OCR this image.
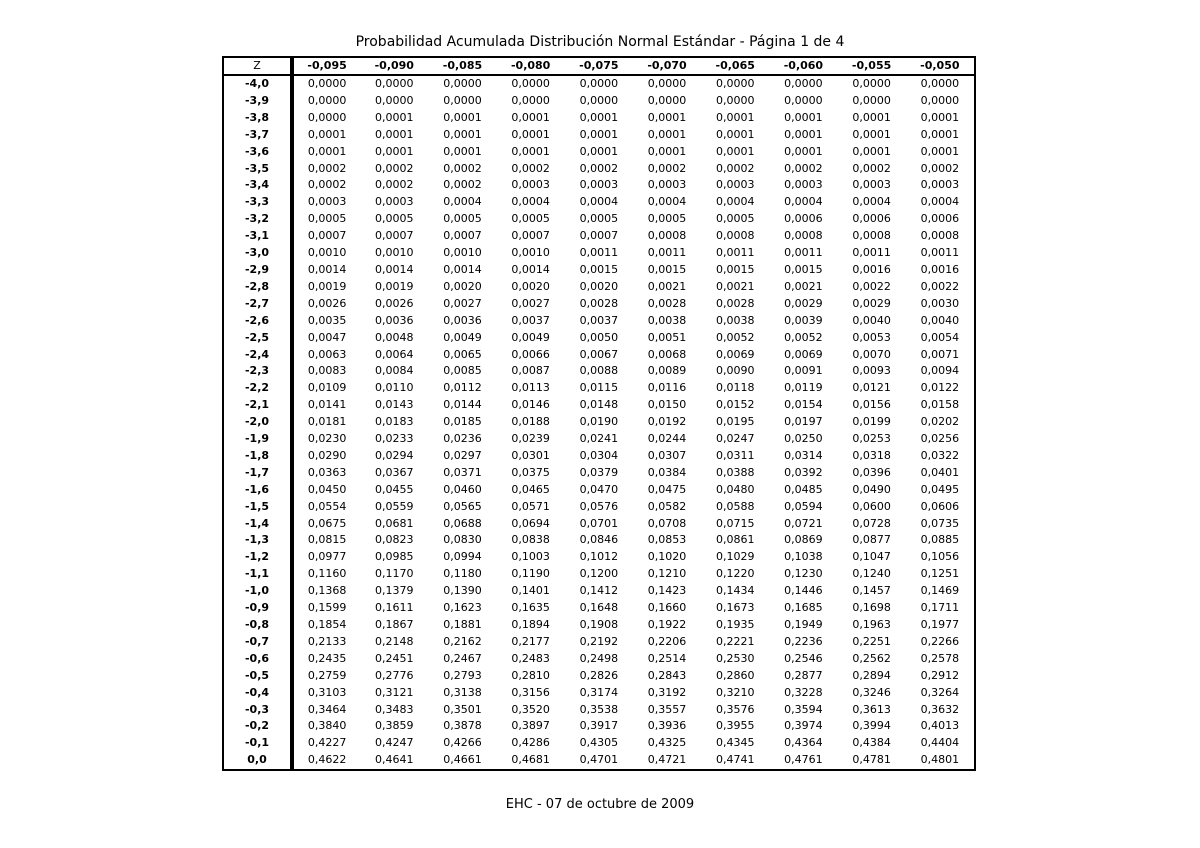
Probabilidad Acumulada Distribución Normal Estándar - Página 1 de 4
Z	-0,095	-0,090	-0,085	-0,080	-0,075	-0,070	-0,065	-0,060	-0,055	-0,050
-4,0	0,0000	0,0000	0,0000	0,0000	0,0000	0,0000	0,0000	0,0000	0,0000	0,0000
-3,9	0,0000	0,0000	0,0000	0,0000	0,0000	0,0000	0,0000	0,0000	0,0000	0,0000
-3,8	0,0000	0,0001	0,0001	0,0001	0,0001	0,0001	0,0001	0,0001	0,0001	0,0001
-3,7	0,0001	0,0001	0,0001	0,0001	0,0001	0,0001	0,0001	0,0001	0,0001	0,0001
-3,6	0,0001	0,0001	0,0001	0,0001	0,0001	0,0001	0,0001	0,0001	0,0001	0,0001
-3,5	0,0002	0,0002	0,0002	0,0002	0,0002	0,0002	0,0002	0,0002	0,0002	0,0002
-3,4	0,0002	0,0002	0,0002	0,0003	0,0003	0,0003	0,0003	0,0003	0,0003	0,0003
-3,3	0,0003	0,0003	0,0004	0,0004	0,0004	0,0004	0,0004	0,0004	0,0004	0,0004
-3,2	0,0005	0,0005	0,0005	0,0005	0,0005	0,0005	0,0005	0,0006	0,0006	0,0006
-3,1	0,0007	0,0007	0,0007	0,0007	0,0007	0,0008	0,0008	0,0008	0,0008	0,0008
-3,0	0,0010	0,0010	0,0010	0,0010	0,0011	0,0011	0,0011	0,0011	0,0011	0,0011
-2,9	0,0014	0,0014	0,0014	0,0014	0,0015	0,0015	0,0015	0,0015	0,0016	0,0016
-2,8	0,0019	0,0019	0,0020	0,0020	0,0020	0,0021	0,0021	0,0021	0,0022	0,0022
-2,7	0,0026	0,0026	0,0027	0,0027	0,0028	0,0028	0,0028	0,0029	0,0029	0,0030
-2,6	0,0035	0,0036	0,0036	0,0037	0,0037	0,0038	0,0038	0,0039	0,0040	0,0040
-2,5	0,0047	0,0048	0,0049	0,0049	0,0050	0,0051	0,0052	0,0052	0,0053	0,0054
-2,4	0,0063	0,0064	0,0065	0,0066	0,0067	0,0068	0,0069	0,0069	0,0070	0,0071
-2,3	0,0083	0,0084	0,0085	0,0087	0,0088	0,0089	0,0090	0,0091	0,0093	0,0094
-2,2	0,0109	0,0110	0,0112	0,0113	0,0115	0,0116	0,0118	0,0119	0,0121	0,0122
-2,1	0,0141	0,0143	0,0144	0,0146	0,0148	0,0150	0,0152	0,0154	0,0156	0,0158
-2,0	0,0181	0,0183	0,0185	0,0188	0,0190	0,0192	0,0195	0,0197	0,0199	0,0202
-1,9	0,0230	0,0233	0,0236	0,0239	0,0241	0,0244	0,0247	0,0250	0,0253	0,0256
-1,8	0,0290	0,0294	0,0297	0,0301	0,0304	0,0307	0,0311	0,0314	0,0318	0,0322
-1,7	0,0363	0,0367	0,0371	0,0375	0,0379	0,0384	0,0388	0,0392	0,0396	0,0401
-1,6	0,0450	0,0455	0,0460	0,0465	0,0470	0,0475	0,0480	0,0485	0,0490	0,0495
-1,5	0,0554	0,0559	0,0565	0,0571	0,0576	0,0582	0,0588	0,0594	0,0600	0,0606
-1,4	0,0675	0,0681	0,0688	0,0694	0,0701	0,0708	0,0715	0,0721	0,0728	0,0735
-1,3	0,0815	0,0823	0,0830	0,0838	0,0846	0,0853	0,0861	0,0869	0,0877	0,0885
-1,2	0,0977	0,0985	0,0994	0,1003	0,1012	0,1020	0,1029	0,1038	0,1047	0,1056
-1,1	0,1160	0,1170	0,1180	0,1190	0,1200	0,1210	0,1220	0,1230	0,1240	0,1251
-1,0	0,1368	0,1379	0,1390	0,1401	0,1412	0,1423	0,1434	0,1446	0,1457	0,1469
-0,9	0,1599	0,1611	0,1623	0,1635	0,1648	0,1660	0,1673	0,1685	0,1698	0,1711
-0,8	0,1854	0,1867	0,1881	0,1894	0,1908	0,1922	0,1935	0,1949	0,1963	0,1977
-0,7	0,2133	0,2148	0,2162	0,2177	0,2192	0,2206	0,2221	0,2236	0,2251	0,2266
-0,6	0,2435	0,2451	0,2467	0,2483	0,2498	0,2514	0,2530	0,2546	0,2562	0,2578
-0,5	0,2759	0,2776	0,2793	0,2810	0,2826	0,2843	0,2860	0,2877	0,2894	0,2912
-0,4	0,3103	0,3121	0,3138	0,3156	0,3174	0,3192	0,3210	0,3228	0,3246	0,3264
-0,3	0,3464	0,3483	0,3501	0,3520	0,3538	0,3557	0,3576	0,3594	0,3613	0,3632
-0,2	0,3840	0,3859	0,3878	0,3897	0,3917	0,3936	0,3955	0,3974	0,3994	0,4013
-0,1	0,4227	0,4247	0,4266	0,4286	0,4305	0,4325	0,4345	0,4364	0,4384	0,4404
0,0	0,4622	0,4641	0,4661	0,4681	0,4701	0,4721	0,4741	0,4761	0,4781	0,4801
EHC - 07 de octubre de 2009
